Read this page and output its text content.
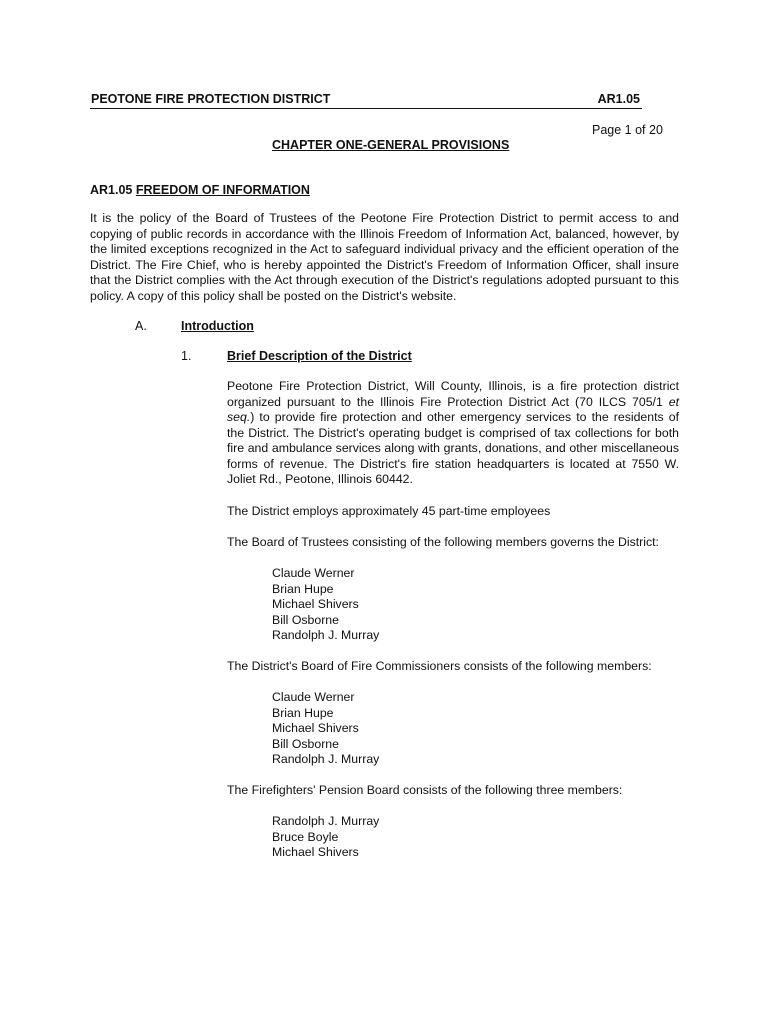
PEOTONE FIRE PROTECTION DISTRICT	AR1.05
Page 1 of 20
CHAPTER ONE-GENERAL PROVISIONS
AR1.05 FREEDOM OF INFORMATION
It is the policy of the Board of Trustees of the Peotone Fire Protection District to permit access to and copying of public records in accordance with the Illinois Freedom of Information Act, balanced, however, by the limited exceptions recognized in the Act to safeguard individual privacy and the efficient operation of the District. The Fire Chief, who is hereby appointed the District's Freedom of Information Officer, shall insure that the District complies with the Act through execution of the District's regulations adopted pursuant to this policy. A copy of this policy shall be posted on the District's website.
A.	Introduction
1.	Brief Description of the District
Peotone Fire Protection District, Will County, Illinois, is a fire protection district organized pursuant to the Illinois Fire Protection District Act (70 ILCS 705/1 et seq.) to provide fire protection and other emergency services to the residents of the District. The District's operating budget is comprised of tax collections for both fire and ambulance services along with grants, donations, and other miscellaneous forms of revenue. The District's fire station headquarters is located at 7550 W. Joliet Rd., Peotone, Illinois 60442.
The District employs approximately 45 part-time employees
The Board of Trustees consisting of the following members governs the District:
Claude Werner
Brian Hupe
Michael Shivers
Bill Osborne
Randolph J. Murray
The District's Board of Fire Commissioners consists of the following members:
Claude Werner
Brian Hupe
Michael Shivers
Bill Osborne
Randolph J. Murray
The Firefighters' Pension Board consists of the following three members:
Randolph J. Murray
Bruce Boyle
Michael Shivers
